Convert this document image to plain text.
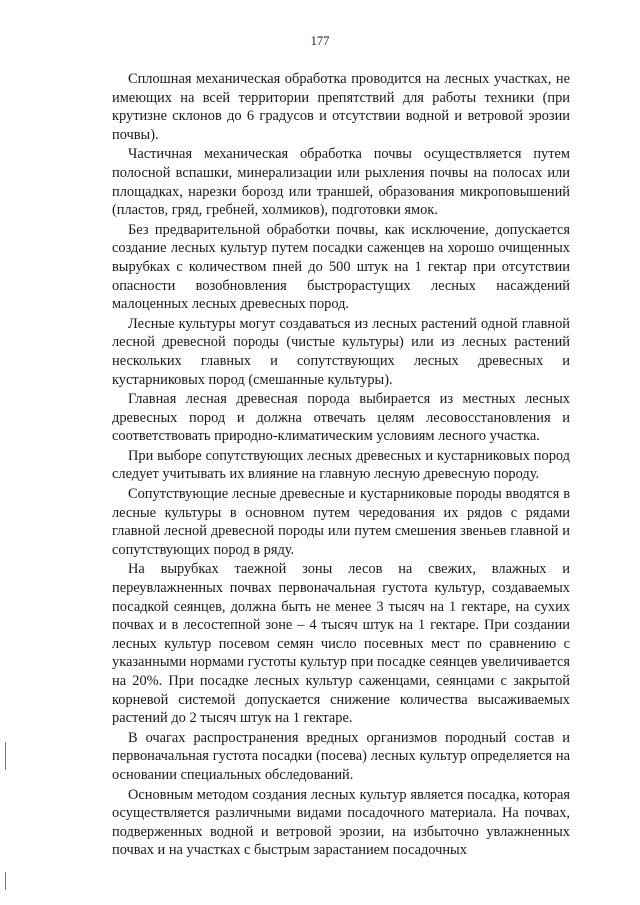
177

Сплошная механическая обработка проводится на лесных участках, не имеющих на всей территории препятствий для работы техники (при крутизне склонов до 6 градусов и отсутствии водной и ветровой эрозии почвы).

Частичная механическая обработка почвы осуществляется путем полосной вспашки, минерализации или рыхления почвы на полосах или площадках, нарезки борозд или траншей, образования микроповышений (пластов, гряд, гребней, холмиков), подготовки ямок.

Без предварительной обработки почвы, как исключение, допускается создание лесных культур путем посадки саженцев на хорошо очищенных вырубках с количеством пней до 500 штук на 1 гектар при отсутствии опасности возобновления быстрорастущих лесных насаждений малоценных лесных древесных пород.

Лесные культуры могут создаваться из лесных растений одной главной лесной древесной породы (чистые культуры) или из лесных растений нескольких главных и сопутствующих лесных древесных и кустарниковых пород (смешанные культуры).

Главная лесная древесная порода выбирается из местных лесных древесных пород и должна отвечать целям лесовосстановления и соответствовать природно-климатическим условиям лесного участка.

При выборе сопутствующих лесных древесных и кустарниковых пород следует учитывать их влияние на главную лесную древесную породу.

Сопутствующие лесные древесные и кустарниковые породы вводятся в лесные культуры в основном путем чередования их рядов с рядами главной лесной древесной породы или путем смешения звеньев главной и сопутствующих пород в ряду.

На вырубках таежной зоны лесов на свежих, влажных и переувлажненных почвах первоначальная густота культур, создаваемых посадкой сеянцев, должна быть не менее 3 тысяч на 1 гектаре, на сухих почвах и в лесостепной зоне – 4 тысяч штук на 1 гектаре. При создании лесных культур посевом семян число посевных мест по сравнению с указанными нормами густоты культур при посадке сеянцев увеличивается на 20%. При посадке лесных культур саженцами, сеянцами с закрытой корневой системой допускается снижение количества высаживаемых растений до 2 тысяч штук на 1 гектаре.

В очагах распространения вредных организмов породный состав и первоначальная густота посадки (посева) лесных культур определяется на основании специальных обследований.

Основным методом создания лесных культур является посадка, которая осуществляется различными видами посадочного материала. На почвах, подверженных водной и ветровой эрозии, на избыточно увлажненных почвах и на участках с быстрым зарастанием посадочных
